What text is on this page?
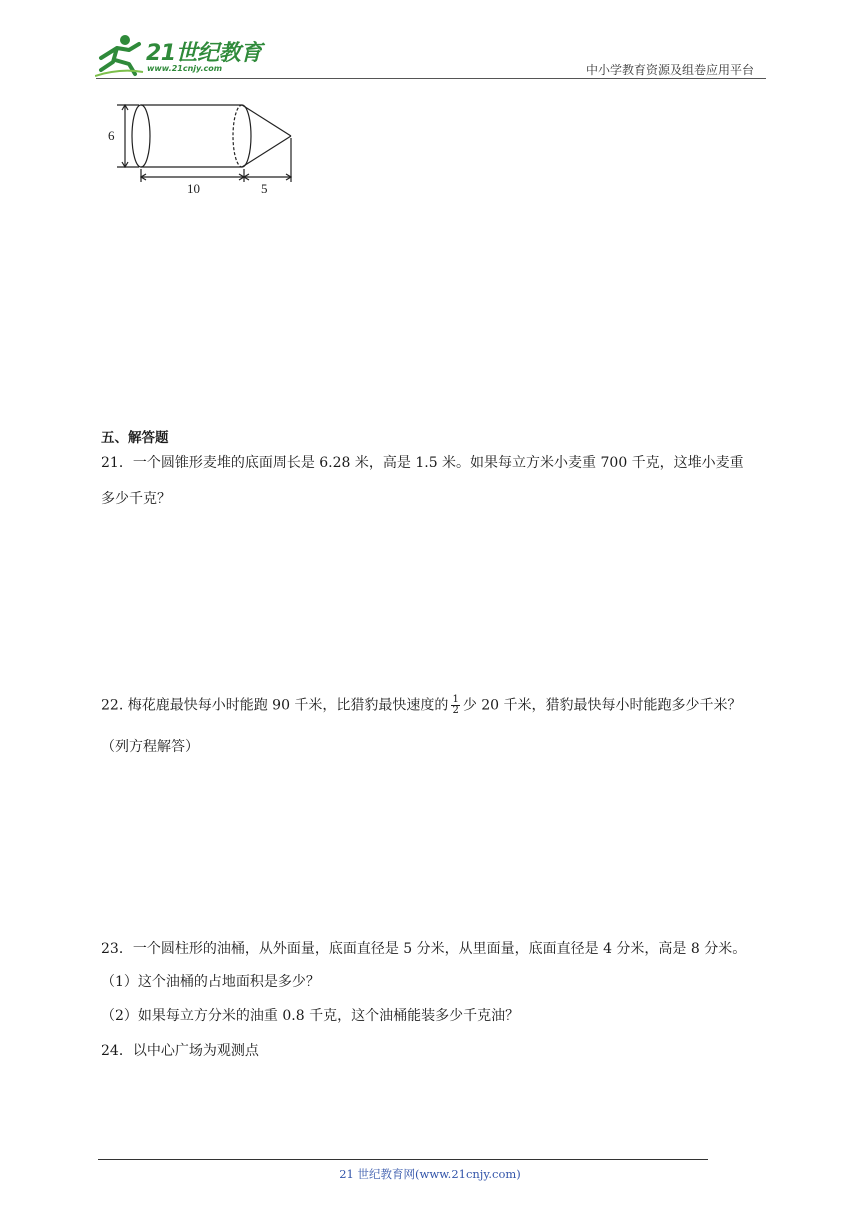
21世纪教育
www.21cnjy.com	中小学教育资源及组卷应用平台
6
10	5
五、解答题
21．一个圆锥形麦堆的底面周长是 6.28 米，高是 1.5 米。如果每立方米小麦重 700 千克，这堆小麦重
多少千克？
22. 梅花鹿最快每小时能跑 90 千米，比猎豹最快速度的 $\frac{1}{2}$ 少 20 千米，猎豹最快每小时能跑多少千米？
（列方程解答）
23．一个圆柱形的油桶，从外面量，底面直径是 5 分米，从里面量，底面直径是 4 分米，高是 8 分米。
（1）这个油桶的占地面积是多少？
（2）如果每立方分米的油重 0.8 千克，这个油桶能装多少千克油？
24．以中心广场为观测点
21 世纪教育网(www.21cnjy.com)
